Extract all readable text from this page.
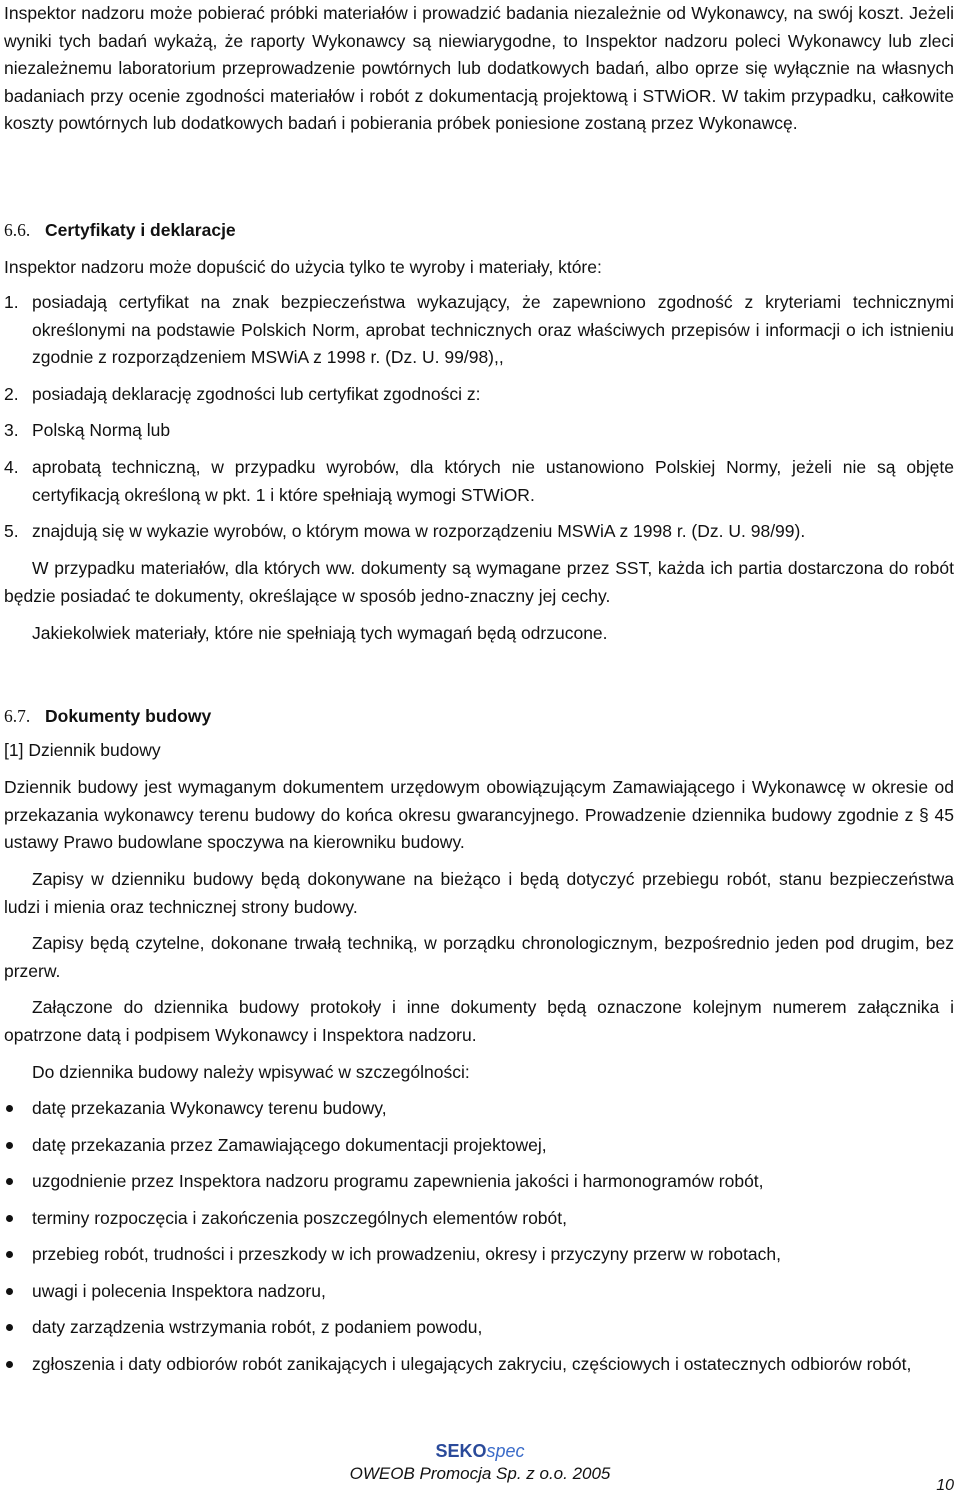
Inspektor nadzoru może pobierać próbki materiałów i prowadzić badania niezależnie od Wykonawcy, na swój koszt. Jeżeli wyniki tych badań wykażą, że raporty Wykonawcy są niewiarygodne, to Inspektor nadzoru poleci Wykonawcy lub zleci niezależnemu laboratorium przeprowadzenie powtórnych lub dodatkowych badań, albo oprze się wyłącznie na własnych badaniach przy ocenie zgodności materiałów i robót z dokumentacją projektową i STWiOR. W takim przypadku, całkowite koszty powtórnych lub dodatkowych badań i pobierania próbek poniesione zostaną przez Wykonawcę.

6.6. Certyfikaty i deklaracje

Inspektor nadzoru może dopuścić do użycia tylko te wyroby i materiały, które:

1. posiadają certyfikat na znak bezpieczeństwa wykazujący, że zapewniono zgodność z kryteriami technicznymi określonymi na podstawie Polskich Norm, aprobat technicznych oraz właściwych przepisów i informacji o ich istnieniu zgodnie z rozporządzeniem MSWiA z 1998 r. (Dz. U. 99/98),,
2. posiadają deklarację zgodności lub certyfikat zgodności z:
3. Polską Normą lub
4. aprobatą techniczną, w przypadku wyrobów, dla których nie ustanowiono Polskiej Normy, jeżeli nie są objęte certyfikacją określoną w pkt. 1 i które spełniają wymogi STWiOR.
5. znajdują się w wykazie wyrobów, o którym mowa w rozporządzeniu MSWiA z 1998 r. (Dz. U. 98/99).

W przypadku materiałów, dla których ww. dokumenty są wymagane przez SST, każda ich partia dostarczona do robót będzie posiadać te dokumenty, określające w sposób jedno-znaczny jej cechy.

Jakiekolwiek materiały, które nie spełniają tych wymagań będą odrzucone.

6.7. Dokumenty budowy

[1] Dziennik budowy

Dziennik budowy jest wymaganym dokumentem urzędowym obowiązującym Zamawiającego i Wykonawcę w okresie od przekazania wykonawcy terenu budowy do końca okresu gwarancyjnego. Prowadzenie dziennika budowy zgodnie z § 45 ustawy Prawo budowlane spoczywa na kierowniku budowy.

Zapisy w dzienniku budowy będą dokonywane na bieżąco i będą dotyczyć przebiegu robót, stanu bezpieczeństwa ludzi i mienia oraz technicznej strony budowy.

Zapisy będą czytelne, dokonane trwałą techniką, w porządku chronologicznym, bezpośrednio jeden pod drugim, bez przerw.

Załączone do dziennika budowy protokoły i inne dokumenty będą oznaczone kolejnym numerem załącznika i opatrzone datą i podpisem Wykonawcy i Inspektora nadzoru.

Do dziennika budowy należy wpisywać w szczególności:

datę przekazania Wykonawcy terenu budowy,
datę przekazania przez Zamawiającego dokumentacji projektowej,
uzgodnienie przez Inspektora nadzoru programu zapewnienia jakości i harmonogramów robót,
terminy rozpoczęcia i zakończenia poszczególnych elementów robót,
przebieg robót, trudności i przeszkody w ich prowadzeniu, okresy i przyczyny przerw w robotach,
uwagi i polecenia Inspektora nadzoru,
daty zarządzenia wstrzymania robót, z podaniem powodu,
zgłoszenia i daty odbiorów robót zanikających i ulegających zakryciu, częściowych i ostatecznych odbiorów robót,
SEKOspec
OWEOB Promocja Sp. z o.o. 2005
10
